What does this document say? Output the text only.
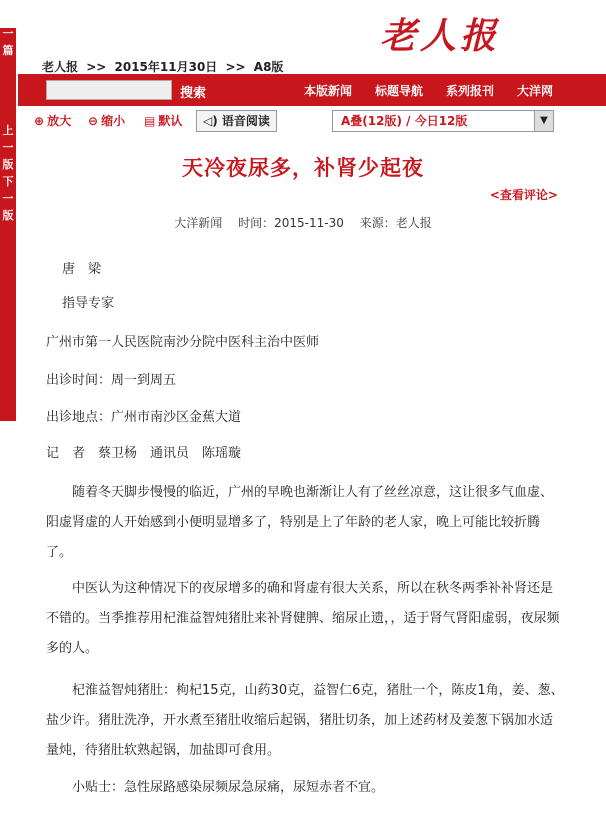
上一篇
上一版
下一版
老人报
老人报 >> 2015年11月30日 >> A8版
搜索	本版新闻 标题导航 系列报刊 大洋网
⊕ 放大 ⊖ 缩小 ▤ 默认	◁) 语音阅读	A叠(12版) / 今日12版	▼
天冷夜尿多，补肾少起夜
<查看评论>
大洋新闻 时间：2015-11-30 来源：老人报
唐　梁
指导专家
广州市第一人民医院南沙分院中医科主治中医师
出诊时间：周一到周五
出诊地点：广州市南沙区金蕉大道
记　者　蔡卫杨　通讯员　陈瑶璇
随着冬天脚步慢慢的临近，广州的早晚也渐渐让人有了丝丝凉意，这让很多气血虚、阳虚肾虚的人开始感到小便明显增多了，特别是上了年龄的老人家，晚上可能比较折腾了。
中医认为这种情况下的夜尿增多的确和肾虚有很大关系，所以在秋冬两季补补肾还是不错的。当季推荐用杞淮益智炖猪肚来补肾健脾、缩尿止遗，，适于肾气肾阳虚弱，夜尿频多的人。
杞淮益智炖猪肚：枸杞15克，山药30克，益智仁6克，猪肚一个，陈皮1角，姜、葱、盐少许。猪肚洗净，开水煮至猪肚收缩后起锅，猪肚切条，加上述药材及姜葱下锅加水适量炖，待猪肚软熟起锅，加盐即可食用。
小贴士：急性尿路感染尿频尿急尿痛，尿短赤者不宜。
